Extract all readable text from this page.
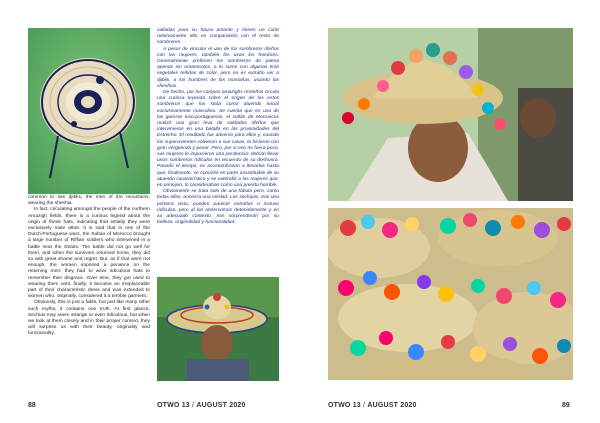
common to see djiblis, the men of the mountains, wearing the sheshia.

In fact, circulating amongst the people of the northern Amazigh fields, there is a curious legend about the origin of these hats, indicating that initially they were exclusively male attire. It is said that in one of the Dutch-Portuguese wars, the Sultan of Morocco brought a large number of Riffian soldiers who intervened in a battle near the Straits. The battle did not go well for them, and when the survivors returned home, they did so with great shame and regret. But, as if that were not enough, the women imposed a penance on the returning men: they had to wear ridiculous hats to remember their disgrace. Over time, they got used to wearing them until, finally, it became an irreplaceable part of their characteristic dress and was extended to women who, originally, considered it a terrible garment.

Obviously, this is just a fable, but just like many other such myths, it contains one truth. At first glance, Sechias may seem strange or even ridiculous, but when we look at them closely and in their proper context, they will surprise us with their beauty, originality and functionality.

salladas para su futura amante y tienen un corte relativamente alto en comparación con el resto de sombreros.

A pesar de vincular el uso de los sombreros rifeños con las mujeres, también los usan los hombres. Generalmente prefieren los sombreros de palma apenas sin ornamentos, a lo sumo con algunas tiras vegetales teñidas de color, pero no es extraño ver a djiblis, a los hombres de las montañas, usando las sheshias.

De hecho, por los campos amazighs norteños circula una curiosa leyenda sobre el origen de los estos sombreros que los sitúa como atuendo inicial exclusivamente masculino. Se cuenta que en una de las guerras luso-portuguesas, el sultán de Marruecos realizó una gran leva de soldados rifeños que intervinieron en una batalla en las proximidades del Estrecho. El resultado fue adverso para ellos y, cuando los supervivientes volvieron a sus casas, lo hicieron con gran vergüenza y pesar. Pero, por si eso no fuera poco, sus mujeres le impusieron una penitencia: debían llevar unos sombreros ridículos en recuerdo de su deshonra. Pasado el tiempo, se acostumbraron a llevarlos hasta que, finalmente, se convirtió en parte insustituible de su atuendo característico y se extendió a las mujeres que, en principio, lo consideraban como una prenda horrible.

Obviamente se trata solo de una fábula pero, como todas ellas, encierra una verdad. Las sechiyas, tras una primera vista, pueden parecer extrañas o incluso ridículas, pero al las observamos detenidamente y en su adecuado contexto, nos sorprenderán por su belleza, originalidad y funcionalidad.

88	OTWO 13 / AUGUST 2020	OTWO 13 / AUGUST 2020	89
